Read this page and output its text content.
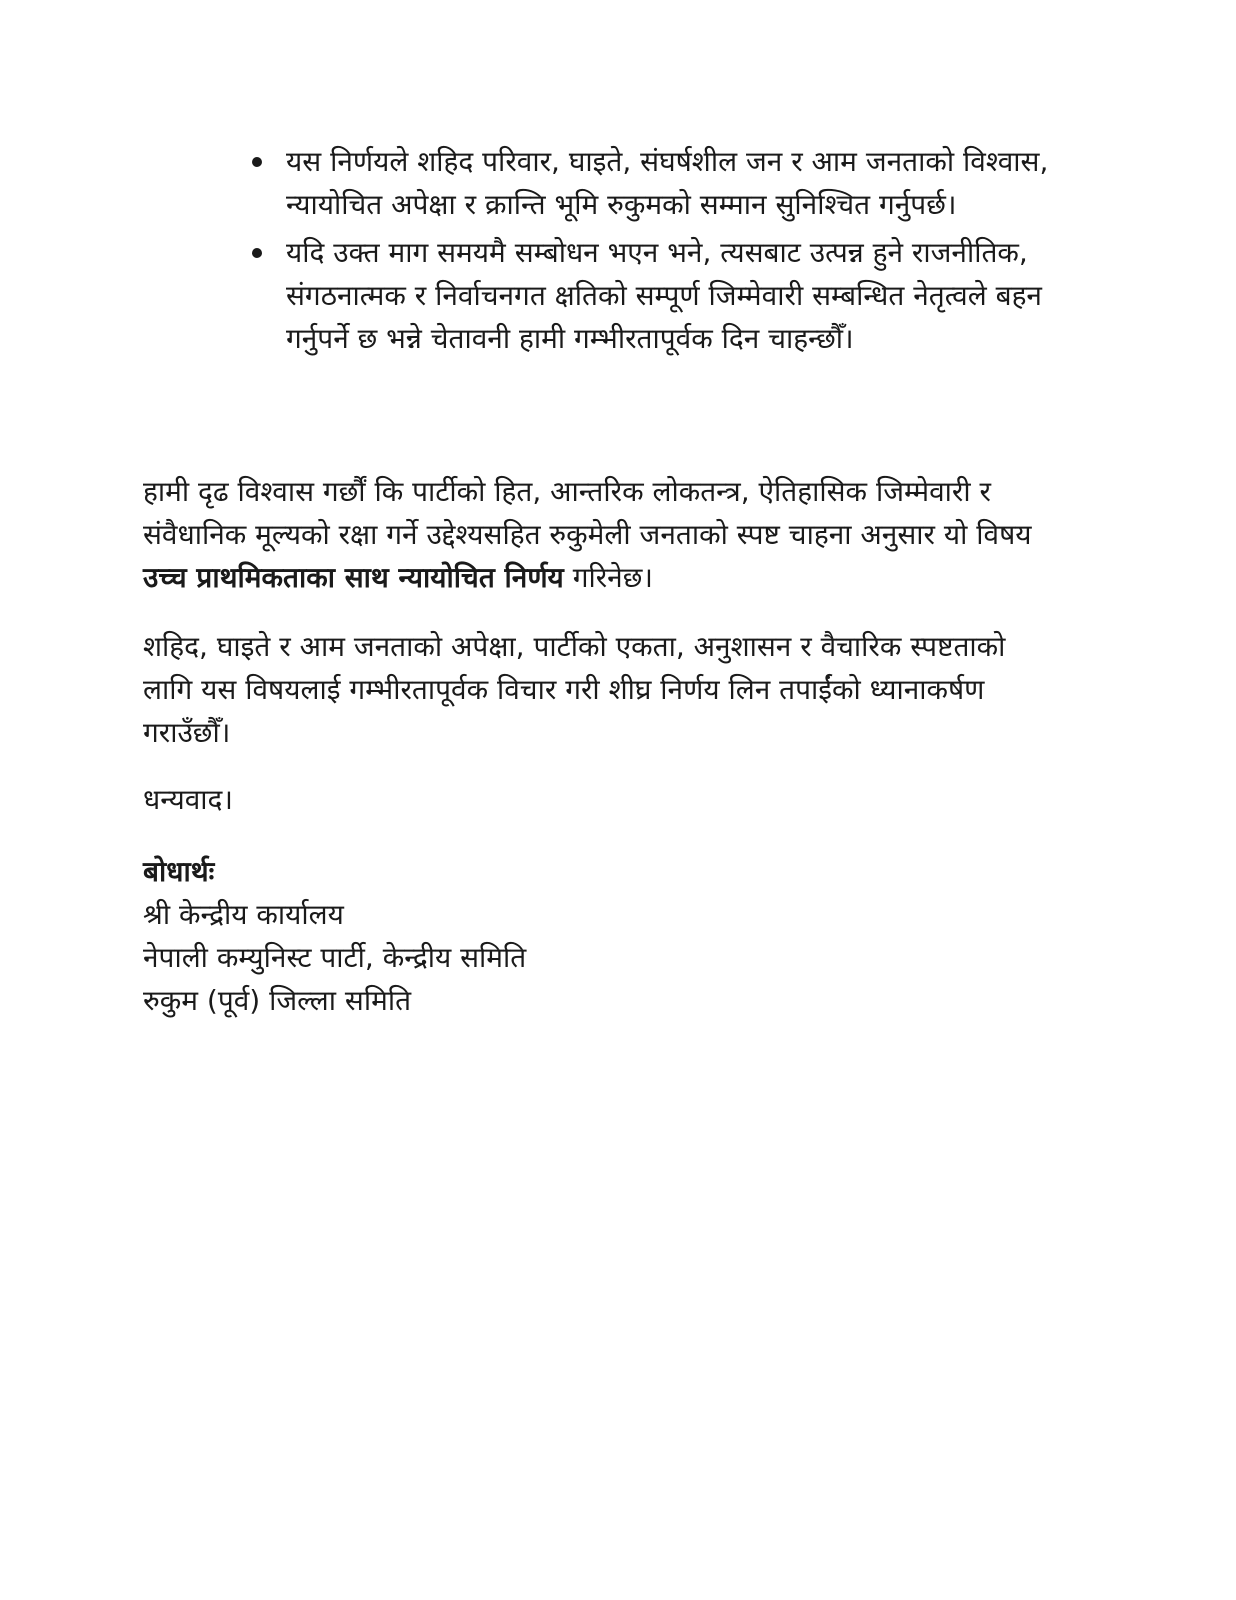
यस निर्णयले शहिद परिवार, घाइते, संघर्षशील जन र आम जनताको विश्वास, न्यायोचित अपेक्षा र क्रान्ति भूमि रुकुमको सम्मान सुनिश्चित गर्नुपर्छ।
यदि उक्त माग समयमै सम्बोधन भएन भने, त्यसबाट उत्पन्न हुने राजनीतिक, संगठनात्मक र निर्वाचनगत क्षतिको सम्पूर्ण जिम्मेवारी सम्बन्धित नेतृत्वले बहन गर्नुपर्ने छ भन्ने चेतावनी हामी गम्भीरतापूर्वक दिन चाहन्छौँ।

हामी दृढ विश्वास गर्छौं कि पार्टीको हित, आन्तरिक लोकतन्त्र, ऐतिहासिक जिम्मेवारी र संवैधानिक मूल्यको रक्षा गर्ने उद्देश्यसहित रुकुमेली जनताको स्पष्ट चाहना अनुसार यो विषय उच्च प्राथमिकताका साथ न्यायोचित निर्णय गरिनेछ।

शहिद, घाइते र आम जनताको अपेक्षा, पार्टीको एकता, अनुशासन र वैचारिक स्पष्टताको लागि यस विषयलाई गम्भीरतापूर्वक विचार गरी शीघ्र निर्णय लिन तपाईंको ध्यानाकर्षण गराउँछौँ।

धन्यवाद।

बोधार्थः
श्री केन्द्रीय कार्यालय
नेपाली कम्युनिस्ट पार्टी, केन्द्रीय समिति
रुकुम (पूर्व) जिल्ला समिति
